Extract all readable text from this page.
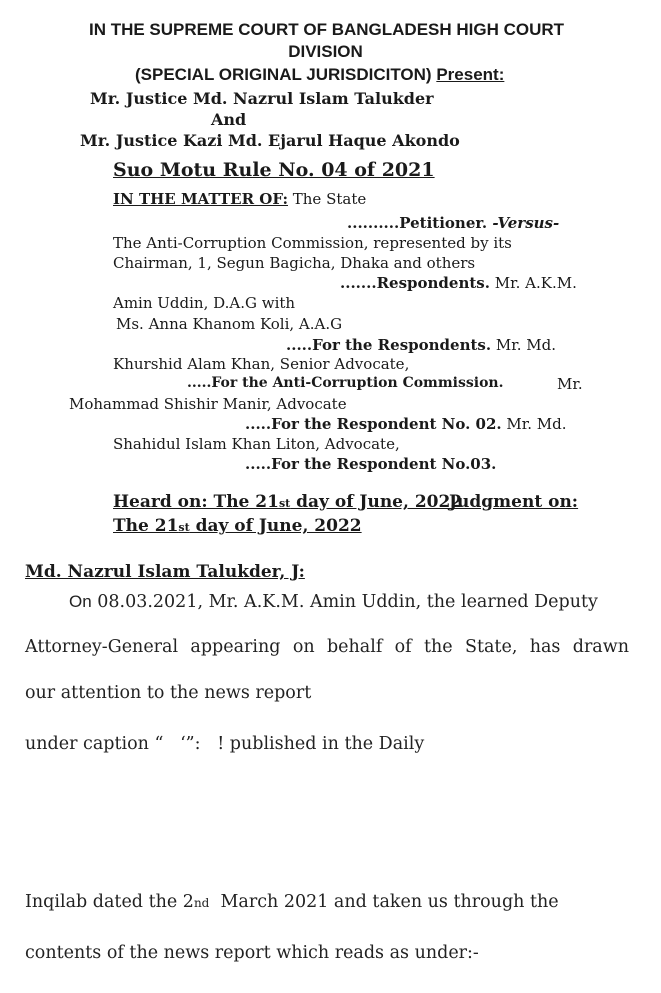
IN THE SUPREME COURT OF BANGLADESH HIGH COURT
DIVISION
(SPECIAL ORIGINAL JURISDICITON) Present:
Mr. Justice Md. Nazrul Islam Talukder
And
Mr. Justice Kazi Md. Ejarul Haque Akondo
Suo Motu Rule No. 04 of 2021
IN THE MATTER OF: The State
..........Petitioner. -Versus-
The Anti-Corruption Commission, represented by its
Chairman, 1, Segun Bagicha, Dhaka and others
.......Respondents. Mr. A.K.M.
Amin Uddin, D.A.G with
Ms. Anna Khanom Koli, A.A.G
.....For the Respondents. Mr. Md.
Khurshid Alam Khan, Senior Advocate,
.....For the Anti-Corruption Commission.	Mr.
Mohammad Shishir Manir, Advocate
.....For the Respondent No. 02. Mr. Md.
Shahidul Islam Khan Liton, Advocate,
.....For the Respondent No.03.
Heard on: The 21st day of June, 2022
Judgment on:
The 21st day of June, 2022
Md. Nazrul Islam Talukder, J:
On 08.03.2021, Mr. A.K.M. Amin Uddin, the learned Deputy
Attorney-General appearing on behalf of the State, has drawn
our attention to the news report
under caption “   ‘”:   ! published in the Daily
Inqilab dated the 2nd  March 2021 and taken us through the
contents of the news report which reads as under:-
